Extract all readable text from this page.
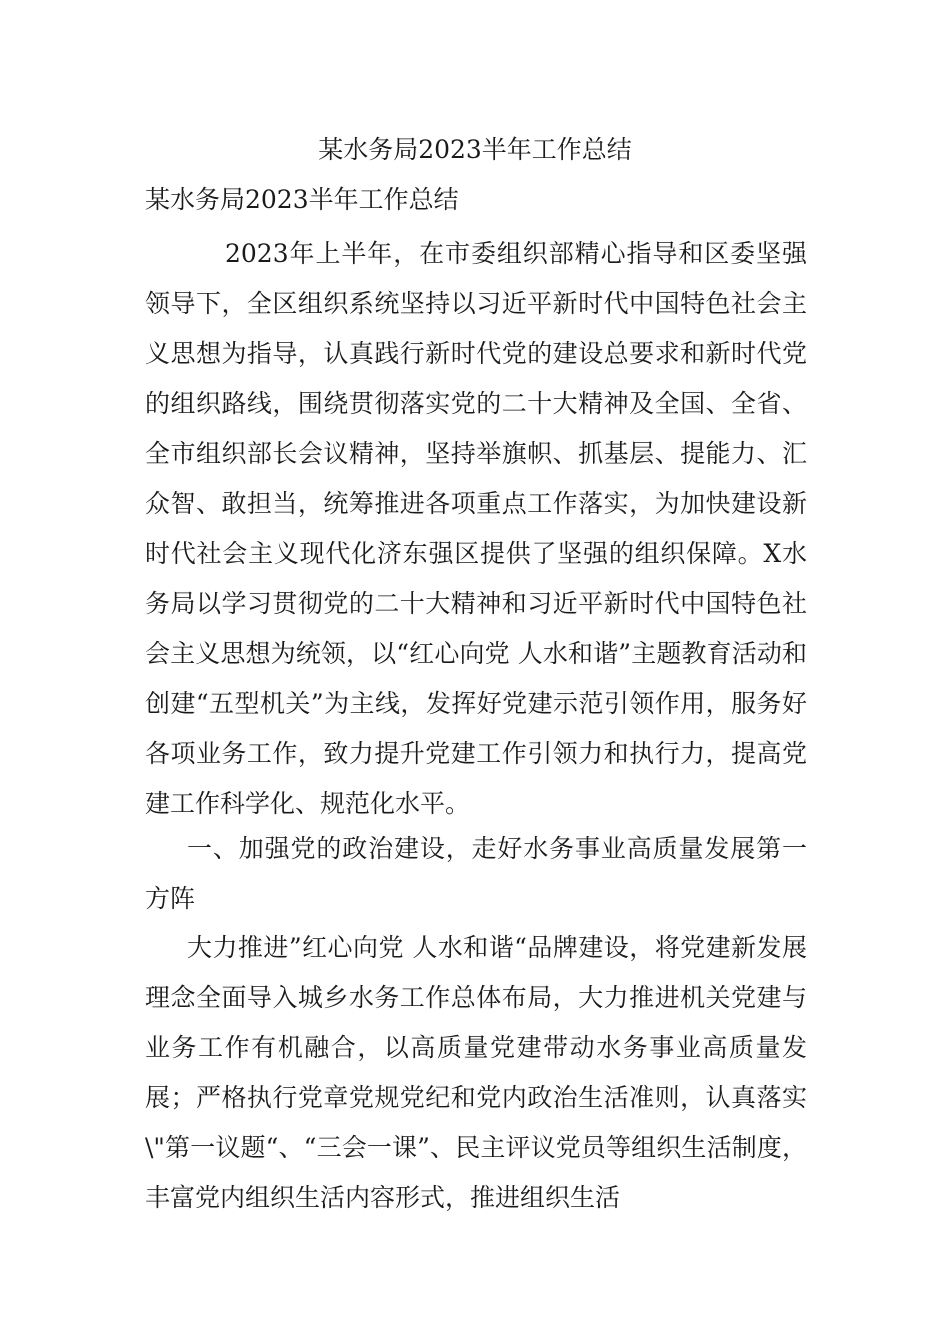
某水务局2023半年工作总结
某水务局2023半年工作总结

2023年上半年，在市委组织部精心指导和区委坚强领导下，全区组织系统坚持以习近平新时代中国特色社会主义思想为指导，认真践行新时代党的建设总要求和新时代党的组织路线，围绕贯彻落实党的二十大精神及全国、全省、全市组织部长会议精神，坚持举旗帜、抓基层、提能力、汇众智、敢担当，统筹推进各项重点工作落实，为加快建设新时代社会主义现代化济东强区提供了坚强的组织保障。X水务局以学习贯彻党的二十大精神和习近平新时代中国特色社会主义思想为统领，以“红心向党 人水和谐”主题教育活动和创建“五型机关”为主线，发挥好党建示范引领作用，服务好各项业务工作，致力提升党建工作引领力和执行力，提高党建工作科学化、规范化水平。

一、加强党的政治建设，走好水务事业高质量发展第一方阵

大力推进”红心向党 人水和谐“品牌建设，将党建新发展理念全面导入城乡水务工作总体布局，大力推进机关党建与业务工作有机融合，以高质量党建带动水务事业高质量发展；严格执行党章党规党纪和党内政治生活准则，认真落实\"第一议题“、“三会一课”、民主评议党员等组织生活制度，丰富党内组织生活内容形式，推进组织生活
